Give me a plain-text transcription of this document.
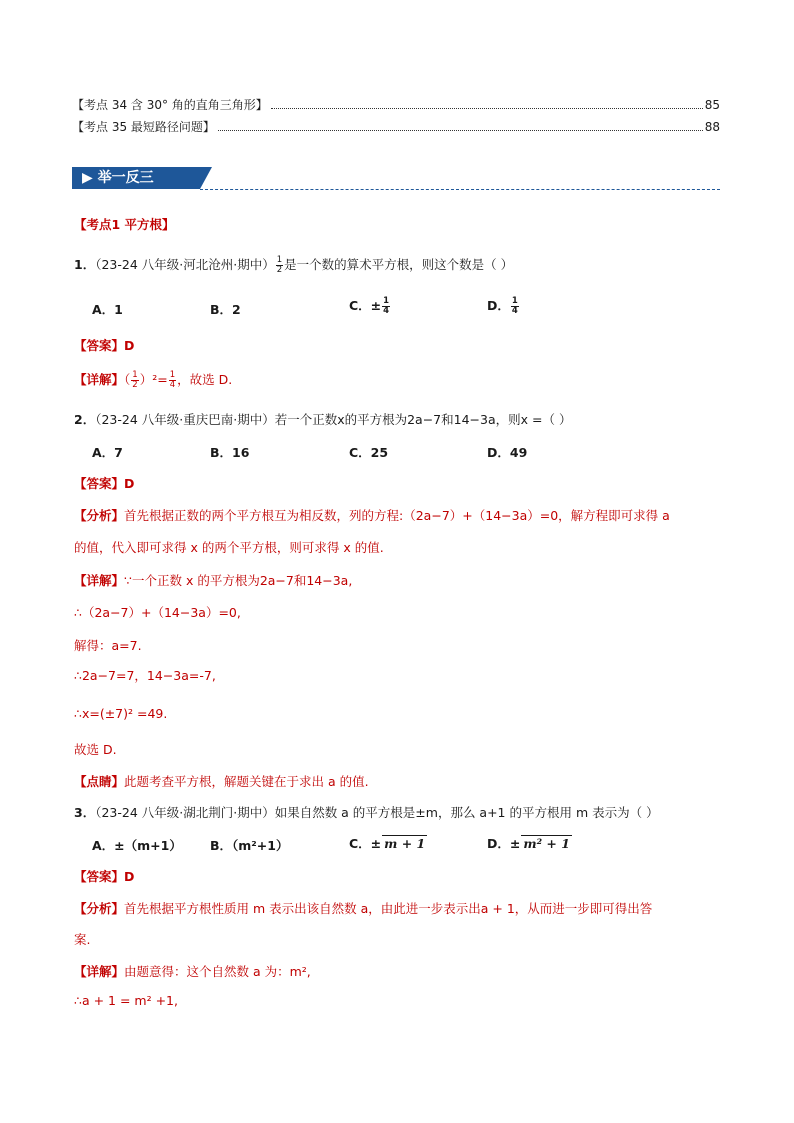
【考点 34 含 30° 角的直角三角形】	85
【考点 35 最短路径问题】	88
▶ 举一反三
【考点1 平方根】
1．（23-24 八年级·河北沧州·期中） $\frac{1}{2}$ 是一个数的算术平方根，则这个数是（ ）
A．1	B．2	C．± $\frac{1}{4}$	D． $\frac{1}{4}$
【答案】D
【详解】（ $\frac{1}{2} )^2= \frac{1}{4}$ ，故选 D.
2．（23-24 八年级·重庆巴南·期中）若一个正数x的平方根为2a−7和14−3a，则x =（ ）
A．7	B．16	C．25	D．49
【答案】D
【分析】首先根据正数的两个平方根互为相反数，列的方程:（2a−7）+（14−3a）=0，解方程即可求得 a
的值，代入即可求得 x 的两个平方根，则可求得 x 的值.
【详解】∵一个正数 x 的平方根为2a−7和14−3a,
∴（2a−7）+（14−3a）=0,
解得：a=7.
∴2a−7=7，14−3a=-7,
∴x=(±7)² =49.
故选 D.
【点睛】此题考查平方根，解题关键在于求出 a 的值.
3．（23-24 八年级·湖北荆门·期中）如果自然数 a 的平方根是±m，那么 a+1 的平方根用 m 表示为（ ）
A．±（m+1） B．（m²+1）	C．± m + 1	D．± m² + 1
【答案】D
【分析】首先根据平方根性质用 m 表示出该自然数 a，由此进一步表示出a + 1，从而进一步即可得出答
案.
【详解】由题意得：这个自然数 a 为：m²,
∴a + 1 = m² +1,
